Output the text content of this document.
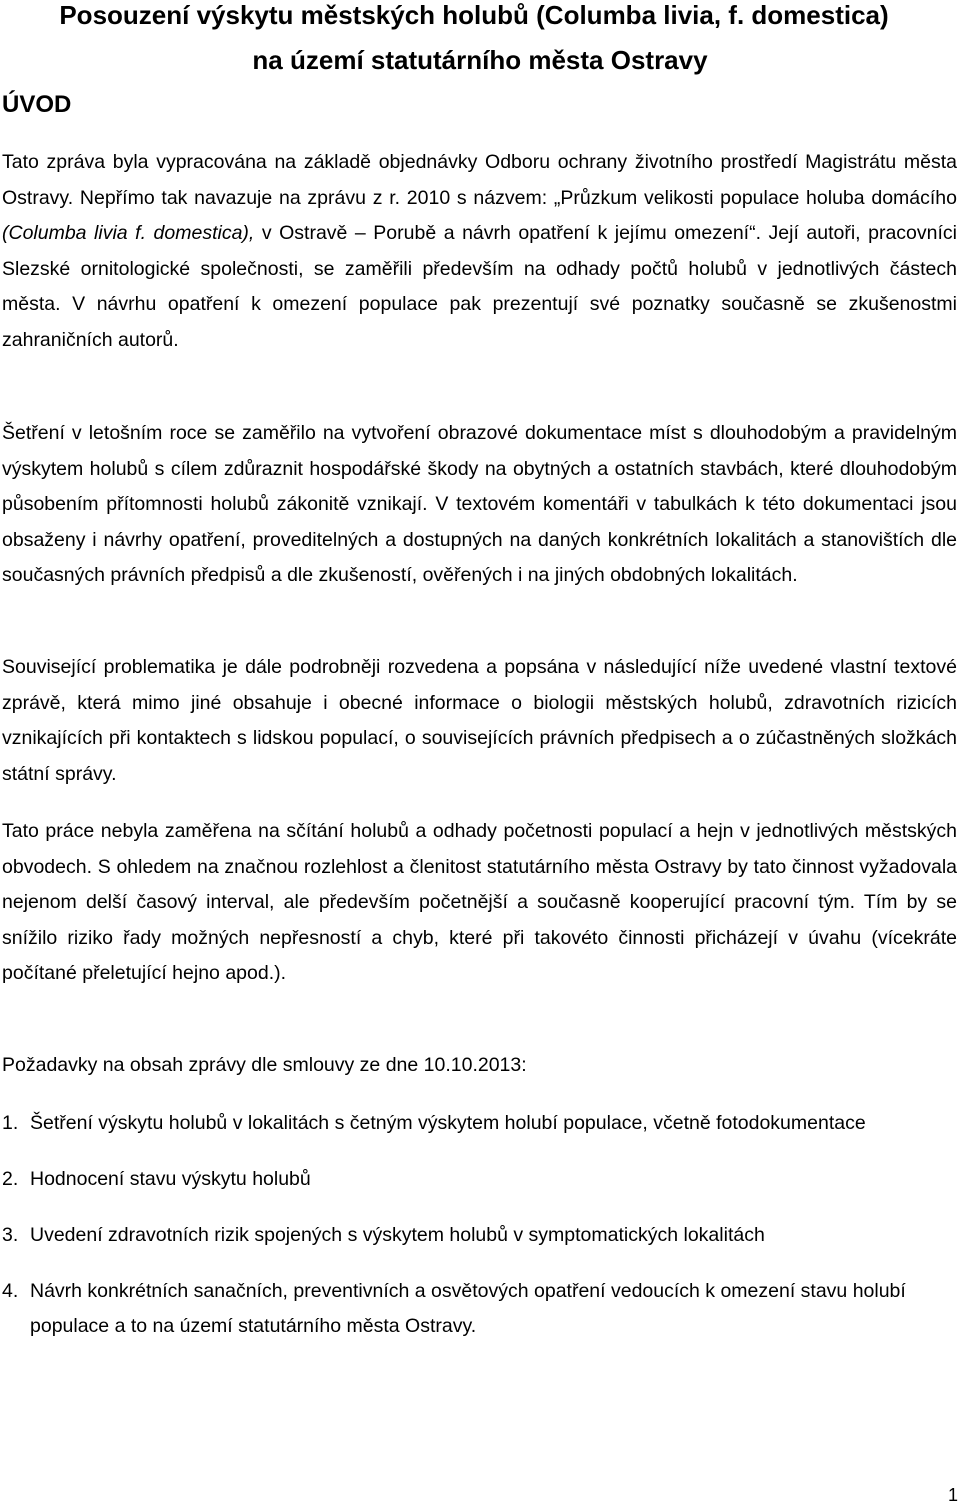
Posouzení výskytu městských holubů (Columba livia, f. domestica)
na území statutárního města Ostravy
ÚVOD

Tato zpráva byla vypracována na základě objednávky Odboru ochrany životního prostředí Magistrátu města Ostravy. Nepřímo tak navazuje na zprávu z r. 2010 s názvem: „Průzkum velikosti populace holuba domácího (Columba livia f. domestica), v Ostravě – Porubě a návrh opatření k jejímu omezení“. Její autoři, pracovníci Slezské ornitologické společnosti, se zaměřili především na odhady počtů holubů v jednotlivých částech města. V návrhu opatření k omezení populace pak prezentují své poznatky současně se zkušenostmi zahraničních autorů.

Šetření v letošním roce se zaměřilo na vytvoření obrazové dokumentace míst s dlouhodobým a pravidelným výskytem holubů s cílem zdůraznit hospodářské škody na obytných a ostatních stavbách, které dlouhodobým působením přítomnosti holubů zákonitě vznikají. V textovém komentáři v tabulkách k této dokumentaci jsou obsaženy i návrhy opatření, proveditelných a dostupných na daných konkrétních lokalitách a stanovištích dle současných právních předpisů a dle zkušeností, ověřených i na jiných obdobných lokalitách.

Související problematika je dále podrobněji rozvedena a popsána v následující níže uvedené vlastní textové zprávě, která mimo jiné obsahuje i obecné informace o biologii městských holubů, zdravotních rizicích vznikajících při kontaktech s lidskou populací, o souvisejících právních předpisech a o zúčastněných složkách státní správy.

Tato práce nebyla zaměřena na sčítání holubů a odhady početnosti populací a hejn v jednotlivých městských obvodech. S ohledem na značnou rozlehlost a členitost statutárního města Ostravy by tato činnost vyžadovala nejenom delší časový interval, ale především početnější a současně kooperující pracovní tým. Tím by se snížilo riziko řady možných nepřesností a chyb, které při takovéto činnosti přicházejí v úvahu (vícekráte počítané přeletující hejno apod.).

Požadavky na obsah zprávy dle smlouvy ze dne 10.10.2013:

1. Šetření výskytu holubů v lokalitách s četným výskytem holubí populace, včetně fotodokumentace
2. Hodnocení stavu výskytu holubů
3. Uvedení zdravotních rizik spojených s výskytem holubů v symptomatických lokalitách
4. Návrh konkrétních sanačních, preventivních a osvětových opatření vedoucích k omezení stavu holubí populace a to na území statutárního města Ostravy.

1
